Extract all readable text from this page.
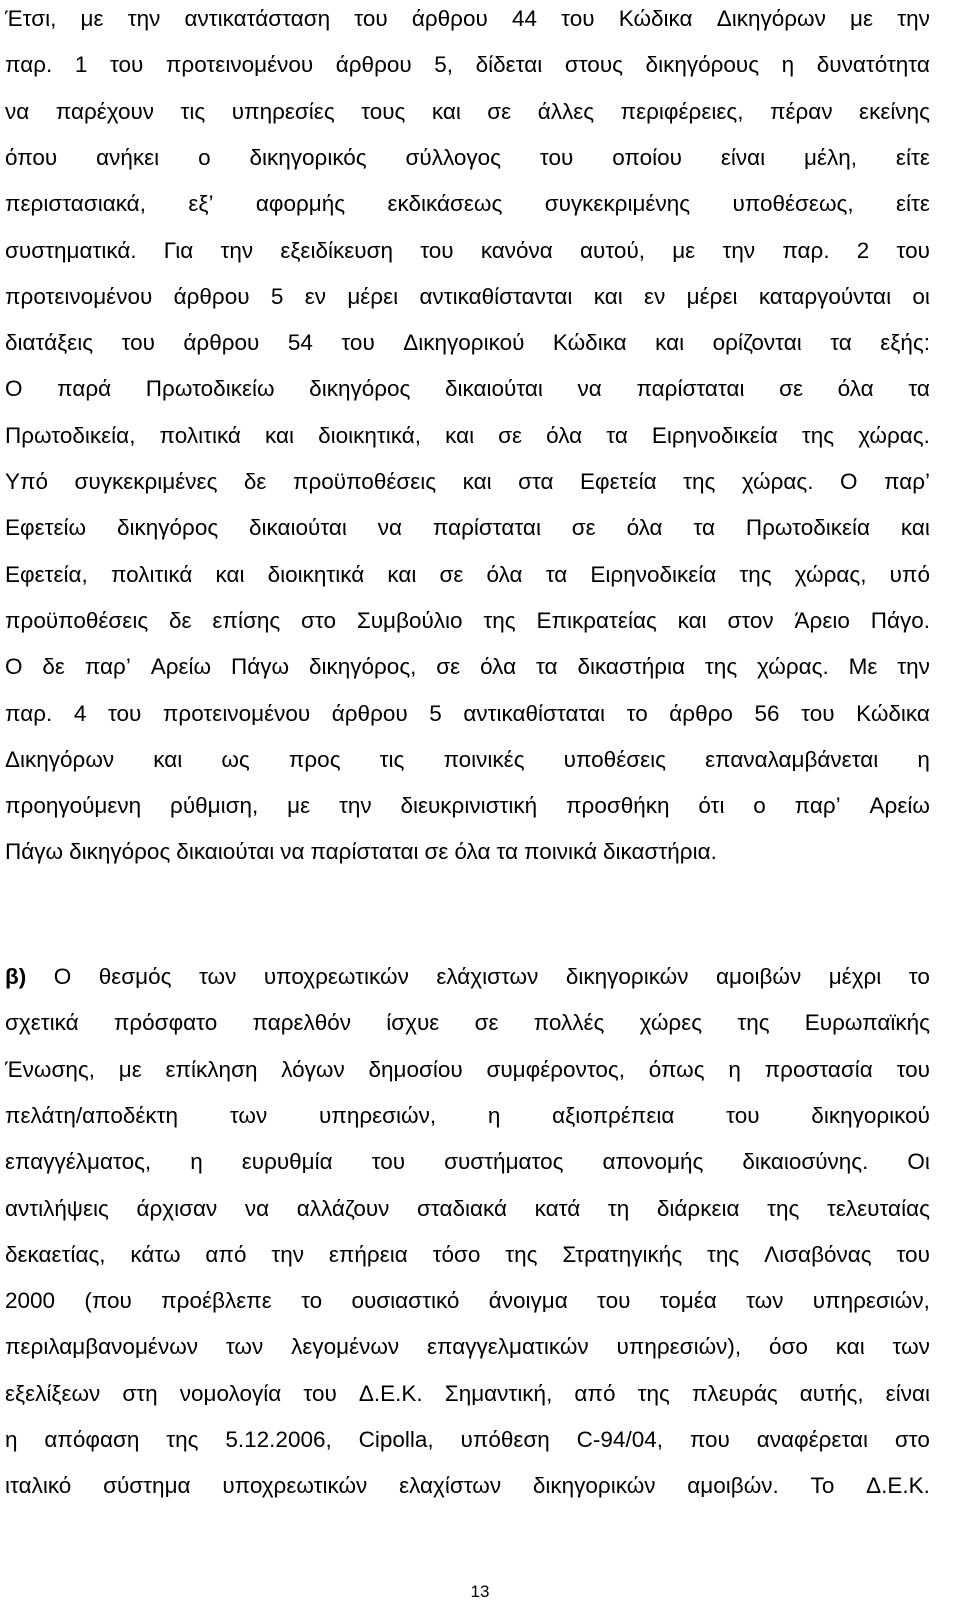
Έτσι, με την αντικατάσταση του άρθρου 44 του Κώδικα Δικηγόρων με την
παρ. 1 του προτεινομένου άρθρου 5, δίδεται στους δικηγόρους η δυνατότητα
να παρέχουν τις υπηρεσίες τους και σε άλλες περιφέρειες, πέραν εκείνης
όπου ανήκει ο δικηγορικός σύλλογος του οποίου είναι μέλη, είτε
περιστασιακά, εξ’ αφορμής εκδικάσεως συγκεκριμένης υποθέσεως, είτε
συστηματικά. Για την εξειδίκευση του κανόνα αυτού, με την παρ. 2 του
προτεινομένου άρθρου 5 εν μέρει αντικαθίστανται και εν μέρει καταργούνται οι
διατάξεις του άρθρου 54 του Δικηγορικού Κώδικα και ορίζονται τα εξής:
Ο παρά Πρωτοδικείω δικηγόρος δικαιούται να παρίσταται σε όλα τα
Πρωτοδικεία, πολιτικά και διοικητικά, και σε όλα τα Ειρηνοδικεία της χώρας.
Υπό συγκεκριμένες δε προϋποθέσεις και στα Εφετεία της χώρας. Ο παρ’
Εφετείω δικηγόρος δικαιούται να παρίσταται σε όλα τα Πρωτοδικεία και
Εφετεία, πολιτικά και διοικητικά και σε όλα τα Ειρηνοδικεία της χώρας, υπό
προϋποθέσεις δε επίσης στο Συμβούλιο της Επικρατείας και στον Άρειο Πάγο.
Ο δε παρ’ Αρείω Πάγω δικηγόρος, σε όλα τα δικαστήρια της χώρας. Με την
παρ. 4 του προτεινομένου άρθρου 5 αντικαθίσταται το άρθρο 56 του Κώδικα
Δικηγόρων και ως προς τις ποινικές υποθέσεις επαναλαμβάνεται η
προηγούμενη ρύθμιση, με την διευκρινιστική προσθήκη ότι ο παρ’ Αρείω
Πάγω δικηγόρος δικαιούται να παρίσταται σε όλα τα ποινικά δικαστήρια.
β) Ο θεσμός των υποχρεωτικών ελάχιστων δικηγορικών αμοιβών μέχρι το
σχετικά πρόσφατο παρελθόν ίσχυε σε πολλές χώρες της Ευρωπαϊκής
Ένωσης, με επίκληση λόγων δημοσίου συμφέροντος, όπως η προστασία του
πελάτη/αποδέκτη των υπηρεσιών, η αξιοπρέπεια του δικηγορικού
επαγγέλματος, η ευρυθμία του συστήματος απονομής δικαιοσύνης. Οι
αντιλήψεις άρχισαν να αλλάζουν σταδιακά κατά τη διάρκεια της τελευταίας
δεκαετίας, κάτω από την επήρεια τόσο της Στρατηγικής της Λισαβόνας του
2000 (που προέβλεπε το ουσιαστικό άνοιγμα του τομέα των υπηρεσιών,
περιλαμβανομένων των λεγομένων επαγγελματικών υπηρεσιών), όσο και των
εξελίξεων στη νομολογία του Δ.Ε.Κ. Σημαντική, από της πλευράς αυτής, είναι
η απόφαση της 5.12.2006, Cipolla, υπόθεση C-94/04, που αναφέρεται στο
ιταλικό σύστημα υποχρεωτικών ελαχίστων δικηγορικών αμοιβών. Το Δ.Ε.Κ.
13
